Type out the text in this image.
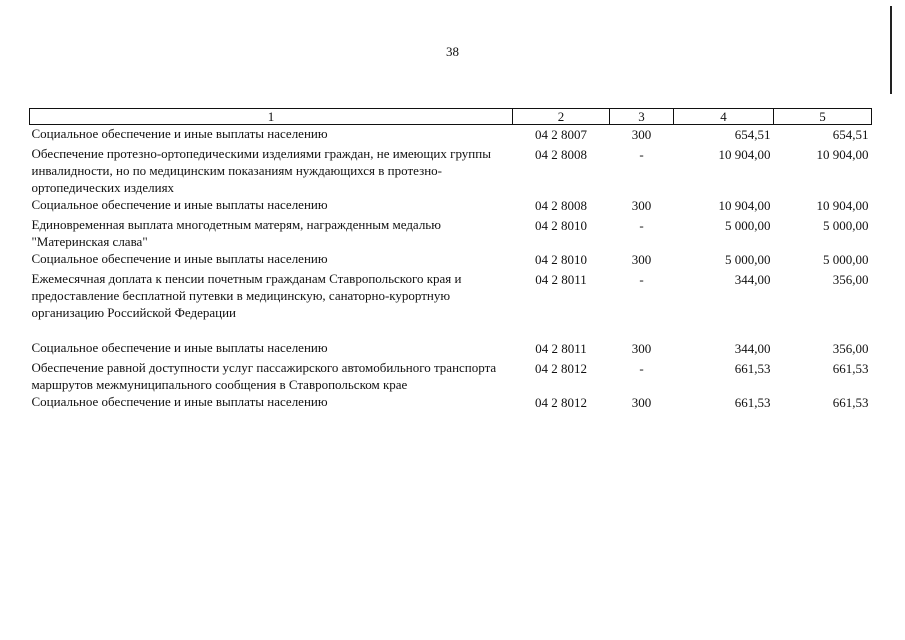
38
1	2	3	4	5
Социальное обеспечение и иные выплаты населению	04 2 8007	300	654,51	654,51
Обеспечение протезно-ортопедическими изделиями граждан, не имеющих группы инвалидности, но по медицинским показаниям нуждающихся в протезно-ортопедических изделиях	04 2 8008	-	10 904,00	10 904,00
Социальное обеспечение и иные выплаты населению	04 2 8008	300	10 904,00	10 904,00
Единовременная выплата многодетным матерям, награжденным медалью "Материнская слава"	04 2 8010	-	5 000,00	5 000,00
Социальное обеспечение и иные выплаты населению	04 2 8010	300	5 000,00	5 000,00
Ежемесячная доплата к пенсии почетным гражданам Ставропольского края и предоставление бесплатной путевки в медицинскую, санаторно-курортную организацию Российской Федерации	04 2 8011	-	344,00	356,00

Социальное обеспечение и иные выплаты населению	04 2 8011	300	344,00	356,00
Обеспечение равной доступности услуг пассажирского автомобильного транспорта маршрутов межмуниципального сообщения в Ставропольском крае	04 2 8012	-	661,53	661,53
Социальное обеспечение и иные выплаты населению	04 2 8012	300	661,53	661,53
